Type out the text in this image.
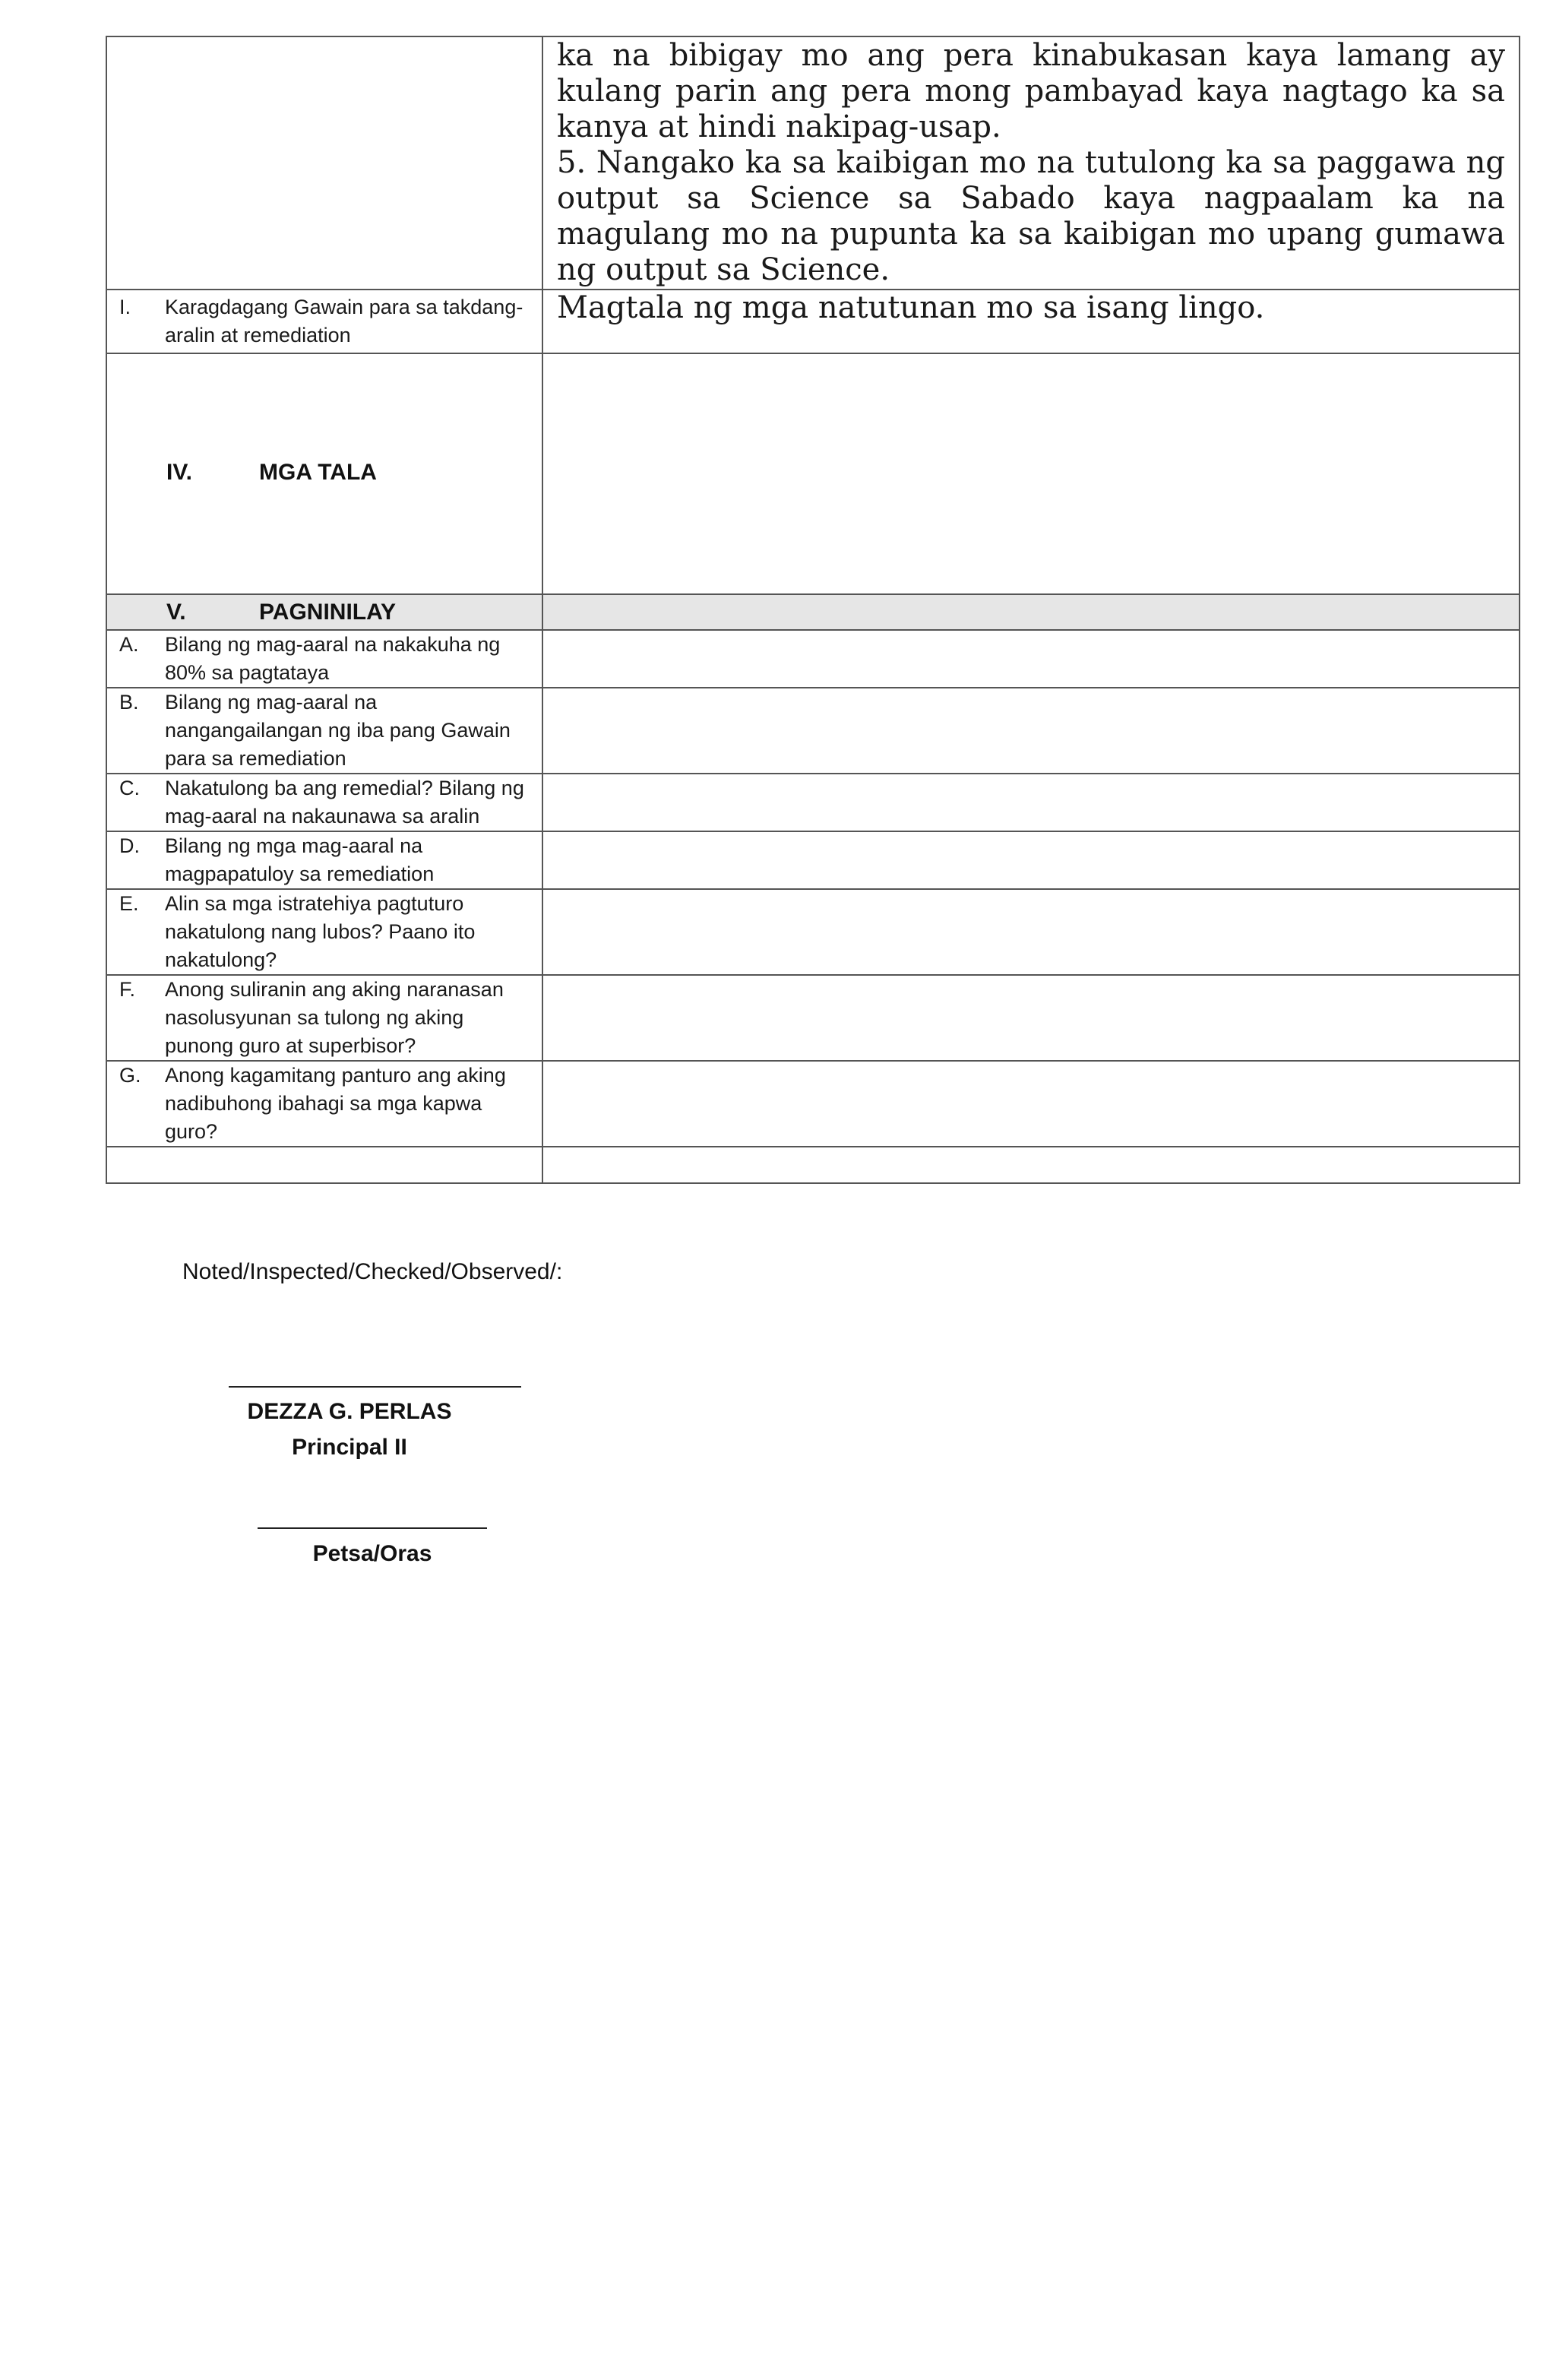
	ka na bibigay mo ang pera kinabukasan kaya lamang ay kulang parin ang pera mong pambayad kaya nagtago ka sa kanya at hindi nakipag-usap.

5. Nangako ka sa kaibigan mo na tutulong ka sa paggawa ng output sa Science sa Sabado kaya nagpaalam ka na magulang mo na pupunta ka sa kaibigan mo upang gumawa ng output sa Science.

I. Karagdagang Gawain para sa takdang-aralin at remediation	Magtala ng mga natutunan mo sa isang lingo.

IV. MGA TALA	

V. PAGNINILAY	

A. Bilang ng mag-aaral na nakakuha ng 80% sa pagtataya	

B. Bilang ng mag-aaral na nangangailangan ng iba pang Gawain para sa remediation	

C. Nakatulong ba ang remedial? Bilang ng mag-aaral na nakaunawa sa aralin	

D. Bilang ng mga mag-aaral na magpapatuloy sa remediation	

E. Alin sa mga istratehiya pagtuturo nakatulong nang lubos? Paano ito nakatulong?	

F. Anong suliranin ang aking naranasan nasolusyunan sa tulong ng aking punong guro at superbisor?	

G. Anong kagamitang panturo ang aking nadibuhong ibahagi sa mga kapwa guro?	

Noted/Inspected/Checked/Observed/:
DEZZA G. PERLAS
Principal II
Petsa/Oras
